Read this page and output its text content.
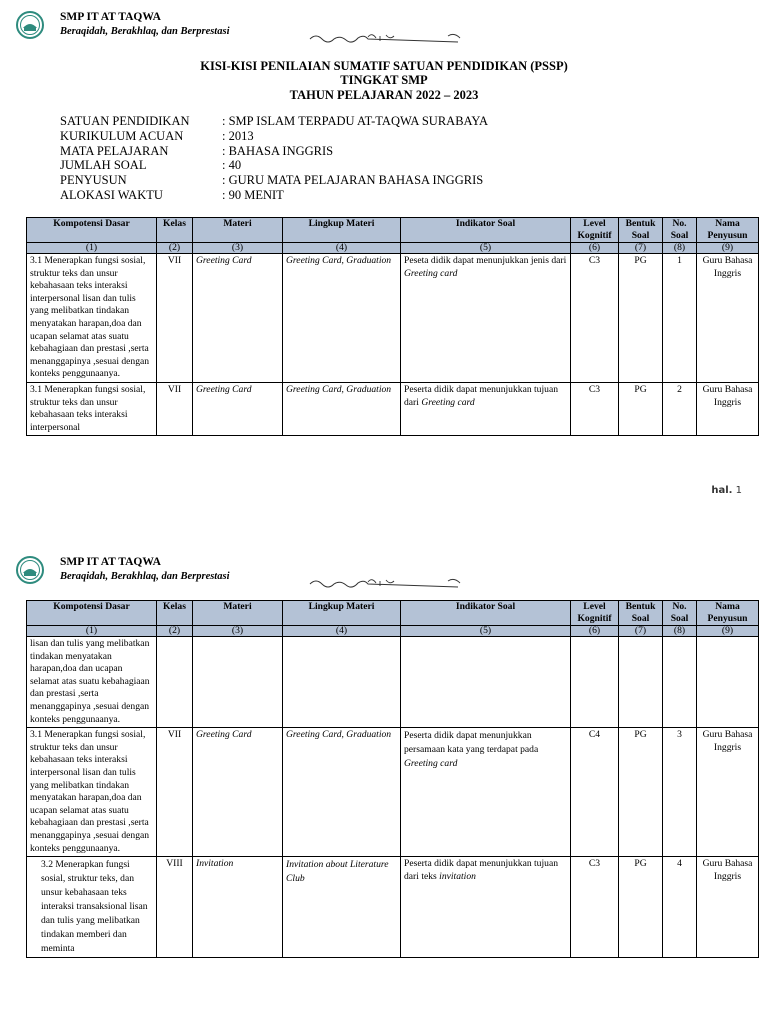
SMP IT AT TAQWA
Beraqidah, Berakhlaq, dan Berprestasi
KISI-KISI PENILAIAN SUMATIF SATUAN PENDIDIKAN (PSSP)
TINGKAT SMP
TAHUN PELAJARAN 2022 – 2023
SATUAN PENDIDIKAN	: SMP ISLAM TERPADU AT-TAQWA SURABAYA
KURIKULUM ACUAN	: 2013
MATA PELAJARAN	: BAHASA INGGRIS
JUMLAH SOAL	: 40
PENYUSUN	: GURU MATA PELAJARAN BAHASA INGGRIS
ALOKASI WAKTU	: 90 MENIT
Kompotensi Dasar	Kelas	Materi	Lingkup Materi	Indikator Soal	Level Kognitif	Bentuk Soal	No. Soal	Nama Penyusun
(1)	(2)	(3)	(4)	(5)	(6)	(7)	(8)	(9)
3.1 Menerapkan fungsi sosial, struktur teks dan unsur kebahasaan teks interaksi interpersonal lisan dan tulis yang melibatkan tindakan menyatakan harapan,doa dan ucapan selamat atas suatu kebahagiaan dan prestasi ,serta menanggapinya ,sesuai dengan konteks penggunaanya.	VII	Greeting Card	Greeting Card, Graduation	Peseta didik dapat menunjukkan jenis dari Greeting card	C3	PG	1	Guru Bahasa Inggris
3.1 Menerapkan fungsi sosial, struktur teks dan unsur kebahasaan teks interaksi interpersonal	VII	Greeting Card	Greeting Card, Graduation	Peserta didik dapat menunjukkan tujuan dari Greeting card	C3	PG	2	Guru Bahasa Inggris
hal. 1
SMP IT AT TAQWA
Beraqidah, Berakhlaq, dan Berprestasi
Kompotensi Dasar	Kelas	Materi	Lingkup Materi	Indikator Soal	Level Kognitif	Bentuk Soal	No. Soal	Nama Penyusun
(1)	(2)	(3)	(4)	(5)	(6)	(7)	(8)	(9)
lisan dan tulis yang melibatkan tindakan menyatakan harapan,doa dan ucapan selamat atas suatu kebahagiaan dan prestasi ,serta menanggapinya ,sesuai dengan konteks penggunaanya.								
3.1 Menerapkan fungsi sosial, struktur teks dan unsur kebahasaan teks interaksi interpersonal lisan dan tulis yang melibatkan tindakan menyatakan harapan,doa dan ucapan selamat atas suatu kebahagiaan dan prestasi ,serta menanggapinya ,sesuai dengan konteks penggunaanya.	VII	Greeting Card	Greeting Card, Graduation	Peserta didik dapat menunjukkan persamaan kata yang terdapat pada Greeting card	C4	PG	3	Guru Bahasa Inggris
3.2 Menerapkan fungsi sosial, struktur teks, dan unsur kebahasaan teks interaksi transaksional lisan dan tulis yang melibatkan tindakan memberi dan meminta	VIII	Invitation	Invitation about Literature Club	Peserta didik dapat menunjukkan tujuan dari teks invitation	C3	PG	4	Guru Bahasa Inggris
